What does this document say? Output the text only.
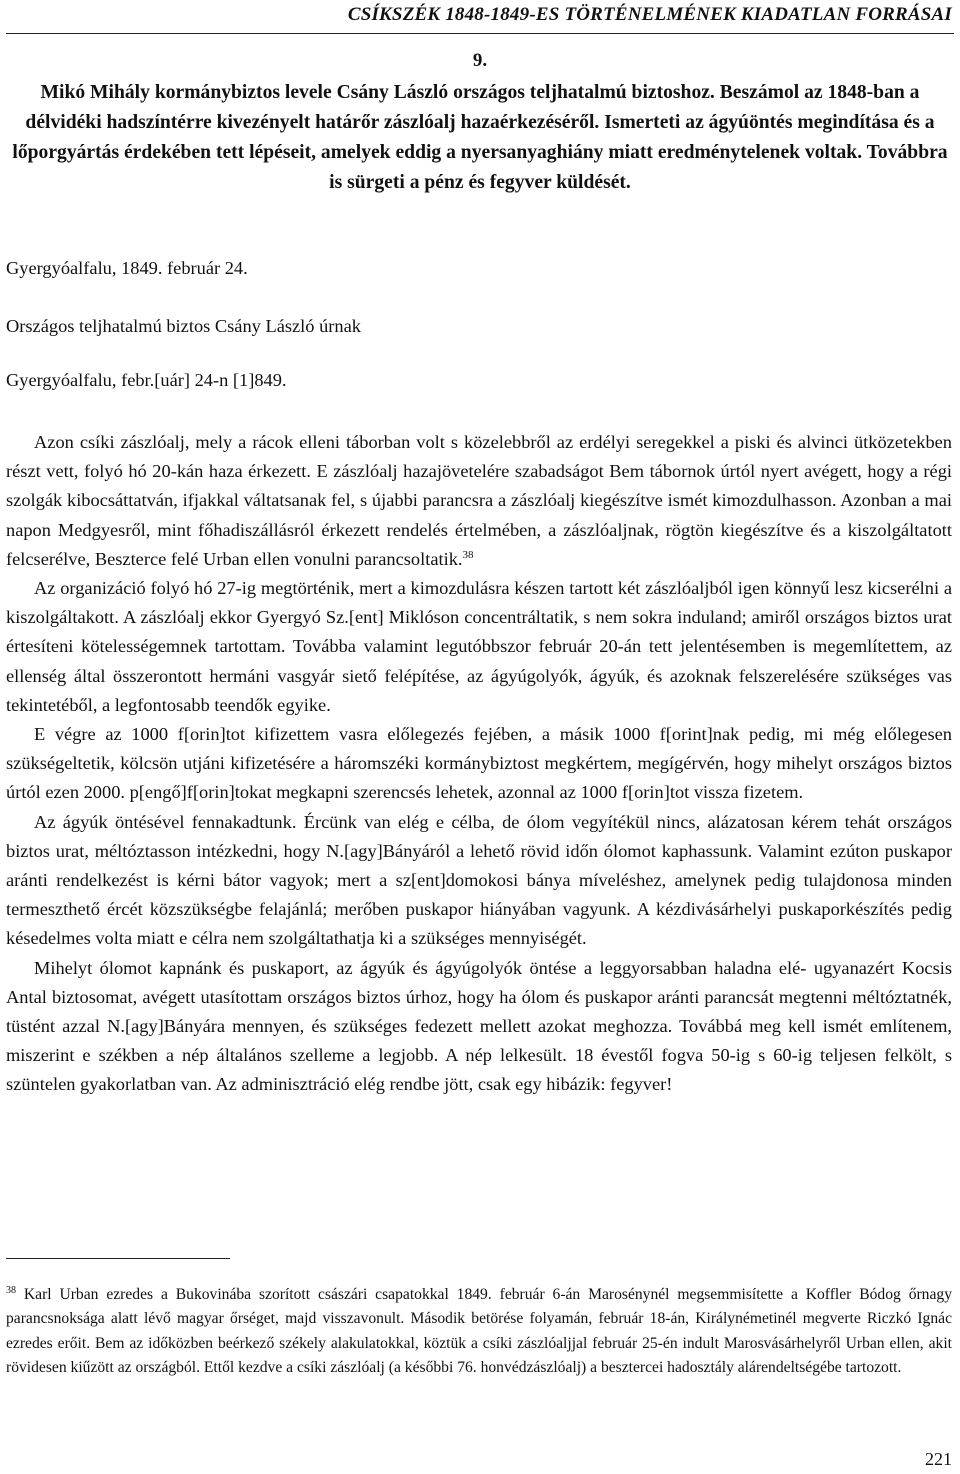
CSÍKSZÉK 1848-1849-ES TÖRTÉNELMÉNEK KIADATLAN FORRÁSAI
9.
Mikó Mihály kormánybiztos levele Csány László országos teljhatalmú biztoshoz. Beszámol az 1848-ban a délvidéki hadszíntérre kivezényelt határőr zászlóalj hazaérkezéséről. Ismerteti az ágyúöntés megindítása és a lőporgyártás érdekében tett lépéseit, amelyek eddig a nyersanyaghiány miatt eredménytelenek voltak. Továbbra is sürgeti a pénz és fegyver küldését.
Gyergyóalfalu, 1849. február 24.
Országos teljhatalmú biztos Csány László úrnak
Gyergyóalfalu, febr.[uár] 24-n [1]849.

Azon csíki zászlóalj, mely a rácok elleni táborban volt s közelebbről az erdélyi seregekkel a piski és alvinci ütközetekben részt vett, folyó hó 20-kán haza érkezett. E zászlóalj hazajövetelére szabadságot Bem tábornok úrtól nyert avégett, hogy a régi szolgák kibocsáttatván, ifjakkal váltatsanak fel, s újabbi parancsra a zászlóalj kiegészítve ismét kimozdulhasson. Azonban a mai napon Medgyesről, mint főhadiszállásról érkezett rendelés értelmében, a zászlóaljnak, rögtön kiegészítve és a kiszolgáltatott felcserélve, Beszterce felé Urban ellen vonulni parancsoltatik.$^{38}$

Az organizáció folyó hó 27-ig megtörténik, mert a kimozdulásra készen tartott két zászlóaljból igen könnyű lesz kicserélni a kiszolgáltakott. A zászlóalj ekkor Gyergyó Sz.[ent] Miklóson concentráltatik, s nem sokra induland; amiről országos biztos urat értesíteni kötelességemnek tartottam. Továbba valamint legutóbbszor február 20-án tett jelentésemben is megemlítettem, az ellenség által összerontott hermáni vasgyár siető felépítése, az ágyúgolyók, ágyúk, és azoknak felszerelésére szükséges vas tekintetéből, a legfontosabb teendők egyike.

E végre az 1000 f[orin]tot kifizettem vasra előlegezés fejében, a másik 1000 f[orint]nak pedig, mi még előlegesen szükségeltetik, kölcsön utjáni kifizetésére a háromszéki kormánybiztost megkértem, megígérvén, hogy mihelyt országos biztos úrtól ezen 2000. p[engő]f[orin]tokat megkapni szerencsés lehetek, azonnal az 1000 f[orin]tot vissza fizetem.

Az ágyúk öntésével fennakadtunk. Ércünk van elég e célba, de ólom vegyítékül nincs, alázatosan kérem tehát országos biztos urat, méltóztasson intézkedni, hogy N.[agy]Bányáról a lehető rövid időn ólomot kaphassunk. Valamint ezúton puskapor aránti rendelkezést is kérni bátor vagyok; mert a sz[ent]domokosi bánya míveléshez, amelynek pedig tulajdonosa minden termeszthető ércét közszükségbe felajánlá; merőben puskapor hiányában vagyunk. A kézdivásárhelyi puskaporkészítés pedig késedelmes volta miatt e célra nem szolgáltathatja ki a szükséges mennyiségét.

Mihelyt ólomot kapnánk és puskaport, az ágyúk és ágyúgolyók öntése a leggyorsabban haladna elé- ugyanazért Kocsis Antal biztosomat, avégett utasítottam országos biztos úrhoz, hogy ha ólom és puskapor aránti parancsát megtenni méltóztatnék, tüstént azzal N.[agy]Bányára mennyen, és szükséges fedezett mellett azokat meghozza. Továbbá meg kell ismét említenem, miszerint e székben a nép általános szelleme a legjobb. A nép lelkesült. 18 évestől fogva 50-ig s 60-ig teljesen felkölt, s szüntelen gyakorlatban van. Az adminisztráció elég rendbe jött, csak egy hibázik: fegyver!

$^{38}$ Karl Urban ezredes a Bukovinába szorított császári csapatokkal 1849. február 6-án Marosénynél megsemmisítette a Koffler Bódog őrnagy parancsnoksága alatt lévő magyar őrséget, majd visszavonult. Második betörése folyamán, február 18-án, Királynémetinél megverte Riczkó Ignác ezredes erőit. Bem az időközben beérkező székely alakulatokkal, köztük a csíki zászlóaljjal február 25-én indult Marosvásárhelyről Urban ellen, akit rövidesen kiűzött az országból. Ettől kezdve a csíki zászlóalj (a későbbi 76. honvédzászlóalj) a besztercei hadosztály alárendeltségébe tartozott.
221
